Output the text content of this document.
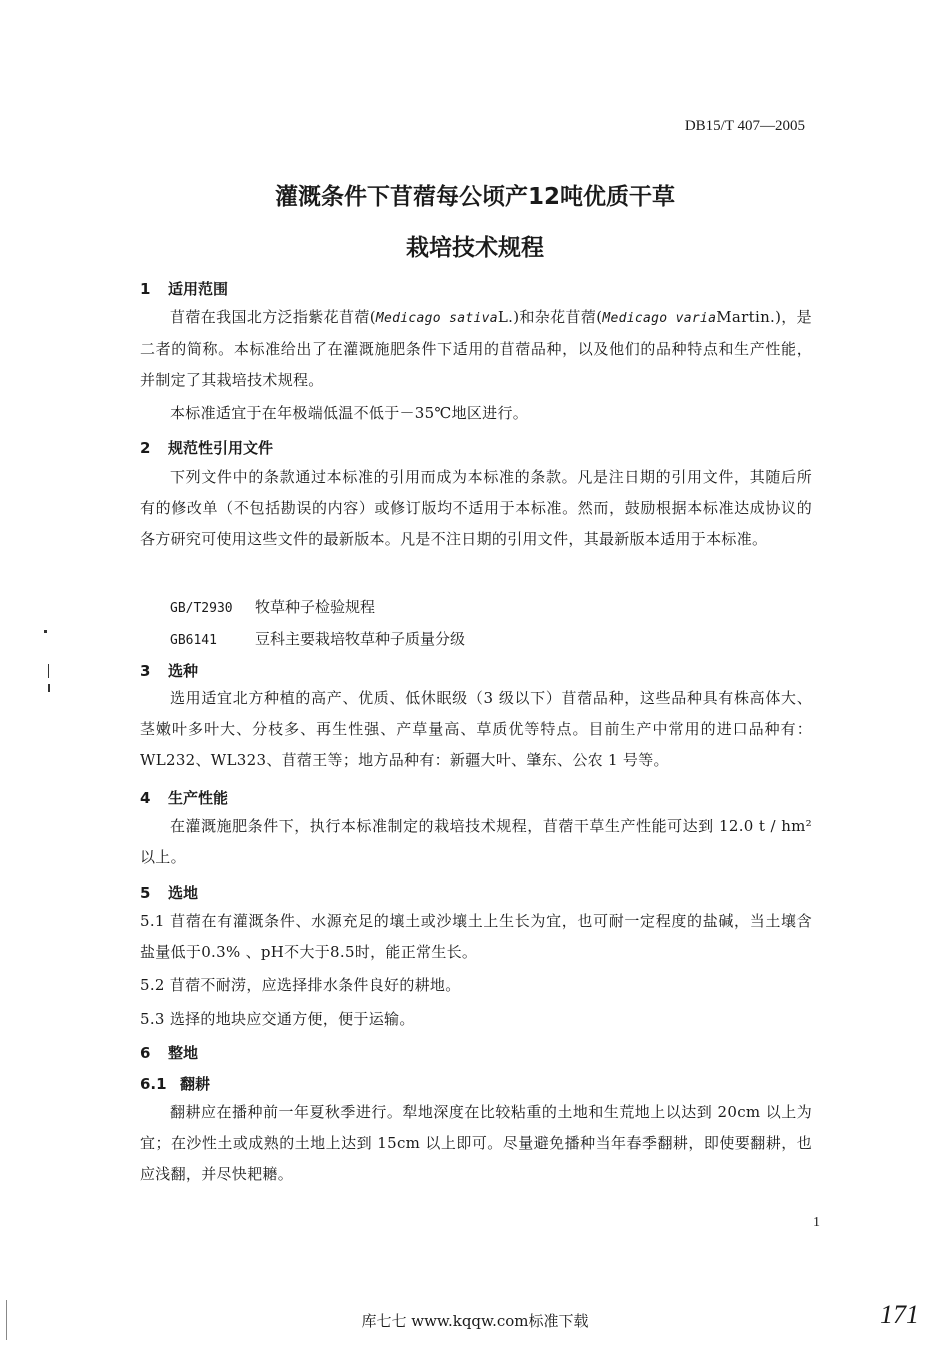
DB15/T 407—2005
灌溉条件下苜蓿每公顷产12吨优质干草
栽培技术规程
1 适用范围
苜蓿在我国北方泛指紫花苜蓿(Medicago sativaL.)和杂花苜蓿(Medicago variaMartin.)，是二者的简称。本标准给出了在灌溉施肥条件下适用的苜蓿品种，以及他们的品种特点和生产性能，并制定了其栽培技术规程。
本标准适宜于在年极端低温不低于－35℃地区进行。
2 规范性引用文件
下列文件中的条款通过本标准的引用而成为本标准的条款。凡是注日期的引用文件，其随后所有的修改单（不包括勘误的内容）或修订版均不适用于本标准。然而，鼓励根据本标准达成协议的各方研究可使用这些文件的最新版本。凡是不注日期的引用文件，其最新版本适用于本标准。
GB/T2930 牧草种子检验规程
GB6141	豆科主要栽培牧草种子质量分级
3 选种
选用适宜北方种植的高产、优质、低休眠级（3 级以下）苜蓿品种，这些品种具有株高体大、茎嫩叶多叶大、分枝多、再生性强、产草量高、草质优等特点。目前生产中常用的进口品种有：WL232、WL323、苜蓿王等；地方品种有：新疆大叶、肇东、公农 1 号等。
4 生产性能
在灌溉施肥条件下，执行本标准制定的栽培技术规程，苜蓿干草生产性能可达到 12.0 t / hm²以上。
5 选地
5.1 苜蓿在有灌溉条件、水源充足的壤土或沙壤土上生长为宜，也可耐一定程度的盐碱，当土壤含盐量低于0.3% 、pH不大于8.5时，能正常生长。
5.2 苜蓿不耐涝，应选择排水条件良好的耕地。
5.3 选择的地块应交通方便，便于运输。
6 整地
6.1 翻耕
翻耕应在播种前一年夏秋季进行。犁地深度在比较粘重的土地和生荒地上以达到 20cm 以上为宜；在沙性土或成熟的土地上达到 15cm 以上即可。尽量避免播种当年春季翻耕，即使要翻耕，也应浅翻，并尽快耙耱。
1
库七七 www.kqqw.com标准下载	171
